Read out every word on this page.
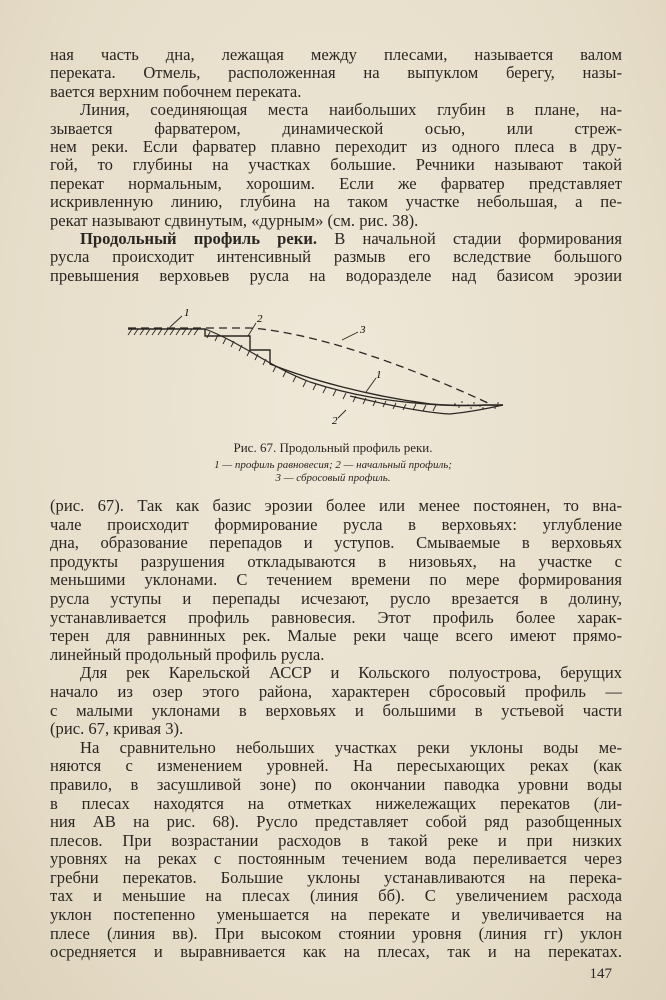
ная часть дна, лежащая между плесами, называется валом
переката. Отмель, расположенная на выпуклом берегу, назы-
вается верхним побочнем переката.
Линия, соединяющая места наибольших глубин в плане, на-
зывается фарватером, динамической осью, или стреж-
нем реки. Если фарватер плавно переходит из одного плеса в дру-
гой, то глубины на участках большие. Речники называют такой
перекат нормальным, хорошим. Если же фарватер представляет
искривленную линию, глубина на таком участке небольшая, а пе-
рекат называют сдвинутым, «дурным» (см. рис. 38).
Продольный профиль реки. В начальной стадии формирования
русла происходит интенсивный размыв его вследствие большого
превышения верховьев русла на водоразделе над базисом эрозии
1	2
3
1
2
Рис. 67. Продольный профиль реки.
1 — профиль равновесия; 2 — начальный профиль;
3 — сбросовый профиль.
(рис. 67). Так как базис эрозии более или менее постоянен, то вна-
чале происходит формирование русла в верховьях: углубление
дна, образование перепадов и уступов. Смываемые в верховьях
продукты разрушения откладываются в низовьях, на участке с
меньшими уклонами. С течением времени по мере формирования
русла уступы и перепады исчезают, русло врезается в долину,
устанавливается профиль равновесия. Этот профиль более харак-
терен для равнинных рек. Малые реки чаще всего имеют прямо-
линейный продольный профиль русла.
Для рек Карельской АССР и Кольского полуострова, берущих
начало из озер этого района, характерен сбросовый профиль —
с малыми уклонами в верховьях и большими в устьевой части
(рис. 67, кривая 3).
На сравнительно небольших участках реки уклоны воды ме-
няются с изменением уровней. На пересыхающих реках (как
правило, в засушливой зоне) по окончании паводка уровни воды
в плесах находятся на отметках нижележащих перекатов (ли-
ния AB на рис. 68). Русло представляет собой ряд разобщенных
плесов. При возрастании расходов в такой реке и при низких
уровнях на реках с постоянным течением вода переливается через
гребни перекатов. Большие уклоны устанавливаются на перека-
тах и меньшие на плесах (линия бб). С увеличением расхода
уклон постепенно уменьшается на перекате и увеличивается на
плесе (линия вв). При высоком стоянии уровня (линия гг) уклон
осредняется и выравнивается как на плесах, так и на перекатах.
147
